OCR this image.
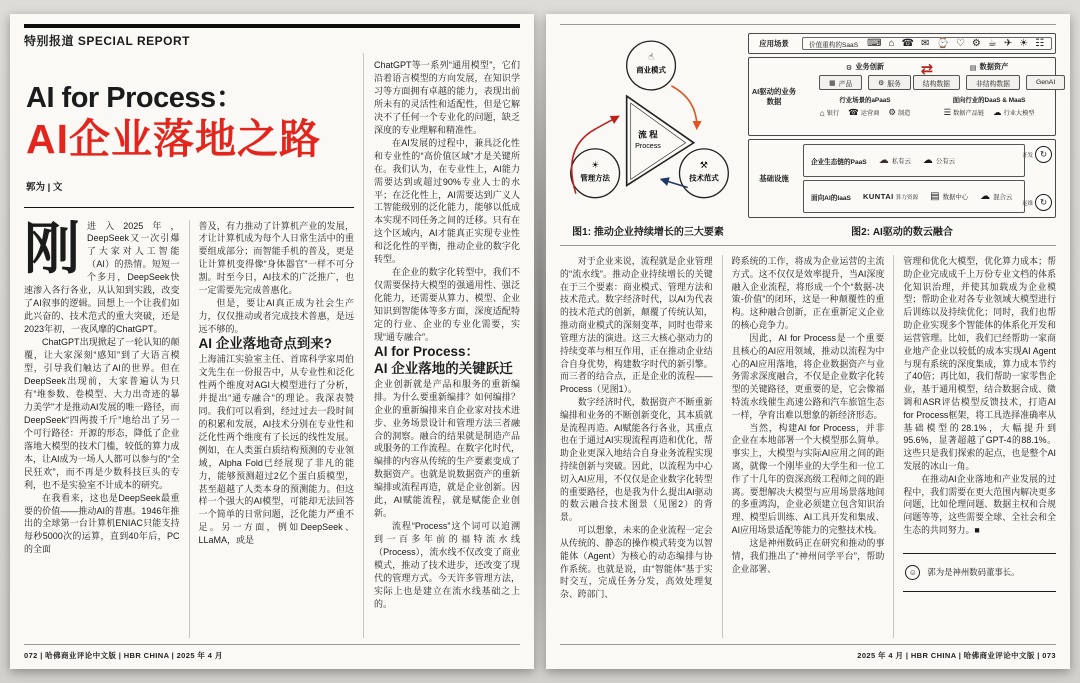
特别报道 SPECIAL REPORT
AI for Process：
AI企业落地之路
郭为 | 文

刚进入2025年，DeepSeek又一次引爆了大家对人工智能（AI）的热情。短短一个多月，DeepSeek快速渗入各行各业，从认知到实践，改变了AI叙事的逻辑。回想上一个让我们如此兴奋的、技术范式的重大突破，还是2023年初，一夜风靡的ChatGPT。

ChatGPT出现掀起了一轮认知的颠覆，让大家深刻“感知”到了大语言模型，引导我们触达了AI的世界。但在DeepSeek出现前，大家普遍认为只有“堆参数、卷模型、大力出奇迹的暴力美学”才是推动AI发展的唯一路径，而DeepSeek“四两拨千斤”地给出了另一个可行路径：开源的形态，降低了企业落地大模型的技术门槛，较低的算力成本，让AI成为一场人人都可以参与的“全民狂欢”，而不再是少数科技巨头的专利，也不是实验室不计成本的研究。

在我看来，这也是DeepSeek最重要的价值——推动AI的普惠。1946年推出的全球第一台计算机ENIAC只能支持每秒5000次的运算，直到40年后，PC的全面

普及，有力推动了计算机产业的发展，才让计算机成为每个人日常生活中的重要组成部分；而智能手机的普及，更是让计算机变得像“身体器官”一样不可分割。时至今日，AI技术的广泛推广，也一定需要先完成普惠化。

但是，要让AI真正成为社会生产力，仅仅推动或者完成技术普惠，是远远不够的。

AI 企业落地奇点到来?

上海浦江实验室主任、首席科学家周伯文先生在一份报告中，从专业性和泛化性两个维度对AGI大模型进行了分析，并提出“通专融合”的理论。我深表赞同。我们可以看到，经过过去一段时间的积累和发展，AI技术分别在专业性和泛化性两个维度有了长远的线性发展。例如，在人类蛋白质结构预测的专业领域，Alpha Fold已经展现了非凡的能力，能够预测超过2亿个蛋白质模型，甚至超越了人类本身的预测能力。但这样一个强大的AI模型，可能却无法回答一个简单的日常问题，泛化能力严重不足。另一方面，例如DeepSeek、LLaMA，或是

ChatGPT等一系列“通用模型”，它们沿着语言模型的方向发展，在知识学习等方面拥有卓越的能力，表现出前所未有的灵活性和适配性，但是它解决不了任何一个专业化的问题，缺乏深度的专业理解和精准性。

在AI发展的过程中，兼具泛化性和专业性的“高价值区域”才是关键所在。我们认为，在专业性上，AI能力需要达到或超过90%专业人士的水平；在泛化性上，AI需要达到广义人工智能级别的泛化能力，能够以低成本实现不同任务之间的迁移。只有在这个区域内，AI才能真正实现专业性和泛化性的平衡，推动企业的数字化转型。

在企业的数字化转型中，我们不仅需要保持大模型的强通用性、强泛化能力，还需要从算力、模型、企业知识到智能体等多方面，深度适配特定的行业、企业的专业化需要，实现“通专融合”。

AI for Process：

AI 企业落地的关键跃迁

企业创新就是产品和服务的重新编排。为什么要重新编排？如何编排？企业的重新编排来自企业家对技术进步、业务场景设计和管理方法三者融合的洞察。融合的结果就是制造产品或服务的工作流程。在数字化时代，编排的内容从传统的生产要素变成了数据资产。也就是说数据资产的重新编排或流程再造，就是企业创新。因此，AI赋能流程，就是赋能企业创新。

流程“Process”这个词可以追溯到一百多年前的福特流水线（Process），流水线不仅改变了商业模式，推动了技术进步，还改变了现代的管理方式。今天许多管理方法，实际上也是建立在流水线基础之上的。

072 | 哈佛商业评论中文版 | HBR CHINA | 2025 年 4 月
☝
商业模式
☀
管理方法
⚒
技术范式
流 程
Process
图1: 推动企业持续增长的三大要素
应用场景	价值重构的SaaS ⌨ ⌂ ☎ ✉ ⌚ ♡ ⚙ ☕ ✈ ☀ ☷
AI驱动的业务数据
⇄
⚙ 业务创新
▦ 产品	⚙ 服务
行业场景的aPaaS
⌂ 银行 ☎ 运营商 ⚙ 制造
▤ 数据资产
结构数据	非结构数据	GenAI
面向行业的DaaS & MaaS
☰ 数据产品链 ☁ 行业大模型
基础设施
企业生态链的PaaS ☁ 私有云 ☁ 公有云
面向AI的IaaS KUNTAI 算力资源 ▤ 数据中心 ☁ 混合云
开发 ↻
运维 ↻
图2: AI驱动的数云融合

对于企业来说，流程就是企业管理的“流水线”。推动企业持续增长的关键在于三个要素：商业模式、管理方法和技术范式。数字经济时代，以AI为代表的技术范式的创新，颠覆了传统认知，推动商业模式的深刻变革，同时也带来管理方法的演进。这三大核心驱动力的持续变革与相互作用，正在推动企业结合自身优势，构建数字时代的新引擎。而三者的结合点，正是企业的流程——Process（见图1）。

数字经济时代，数据资产不断重新编排和业务的不断创新变化，其本质就是流程再造。AI赋能各行各业，其重点也在于通过AI实现流程再造和优化，帮助企业更深入地结合自身业务流程实现持续创新与突破。因此，以流程为中心切入AI应用，不仅仅是企业数字化转型的重要路径，也是我为什么提出AI驱动的数云融合技术图景（见图2）的背景。

可以想象，未来的企业流程一定会从传统的、静态的操作模式转变为以智能体（Agent）为核心的动态编排与协作系统。也就是说，由“智能体”基于实时交互，完成任务分发，高效处理复杂、跨部门、

跨系统的工作，将成为企业运营的主流方式。这不仅仅是效率提升，当AI深度融入企业流程，将形成一个个“数据-决策-价值”的闭环，这是一种颠覆性的重构。这种融合创新，正在重新定义企业的核心竞争力。

因此，AI for Process是一个重要且核心的AI应用领域，推动以流程为中心的AI应用落地，将企业数据资产与业务需求深度融合，不仅是企业数字化转型的关键路径，更重要的是，它会像福特流水线催生高速公路和汽车旅馆生态一样，孕育出难以想象的新经济形态。

当然，构建AI for Process，并非企业在本地部署一个大模型那么简单。事实上，大模型与实际AI应用之间的距离，就像一个刚毕业的大学生和一位工作了十几年的资深高级工程师之间的距离。要想解决大模型与应用场景落地间的多重鸿沟，企业必须建立包含知识治理、模型后训练、AI工具开发和集成、AI应用场景适配等能力的完整技术栈。

这是神州数码正在研究和推动的事情，我们推出了“神州问学平台”，帮助企业部署、

管理和优化大模型，优化算力成本；帮助企业完成成千上万份专业文档的体系化知识治理，并使其加载成为企业模型；帮助企业对各专业领域大模型进行后训练以及持续优化；同时，我们也帮助企业实现多个智能体的体系化开发和运营管理。比如，我们已经帮助一家商业地产企业以较低的成本实现AI Agent与现有系统的深度集成，算力成本节约了40倍；再比如，我们帮助一家零售企业，基于通用模型，结合数据合成、微调和ASR评估模型反馈技术，打造AI for Process框架，将工具选择准确率从基础模型的28.1%，大幅提升到95.6%，显著超越了GPT-4的88.1%。这些只是我们探索的起点，也是整个AI发展的冰山一角。

在推动AI企业落地和产业发展的过程中，我们需要在更大范围内解决更多问题，比如伦理问题、数据主权和合规问题等等，这些需要全球、全社会和全生态的共同努力。■

☺	郭为是神州数码董事长。
2025 年 4 月 | HBR CHINA | 哈佛商业评论中文版 | 073
